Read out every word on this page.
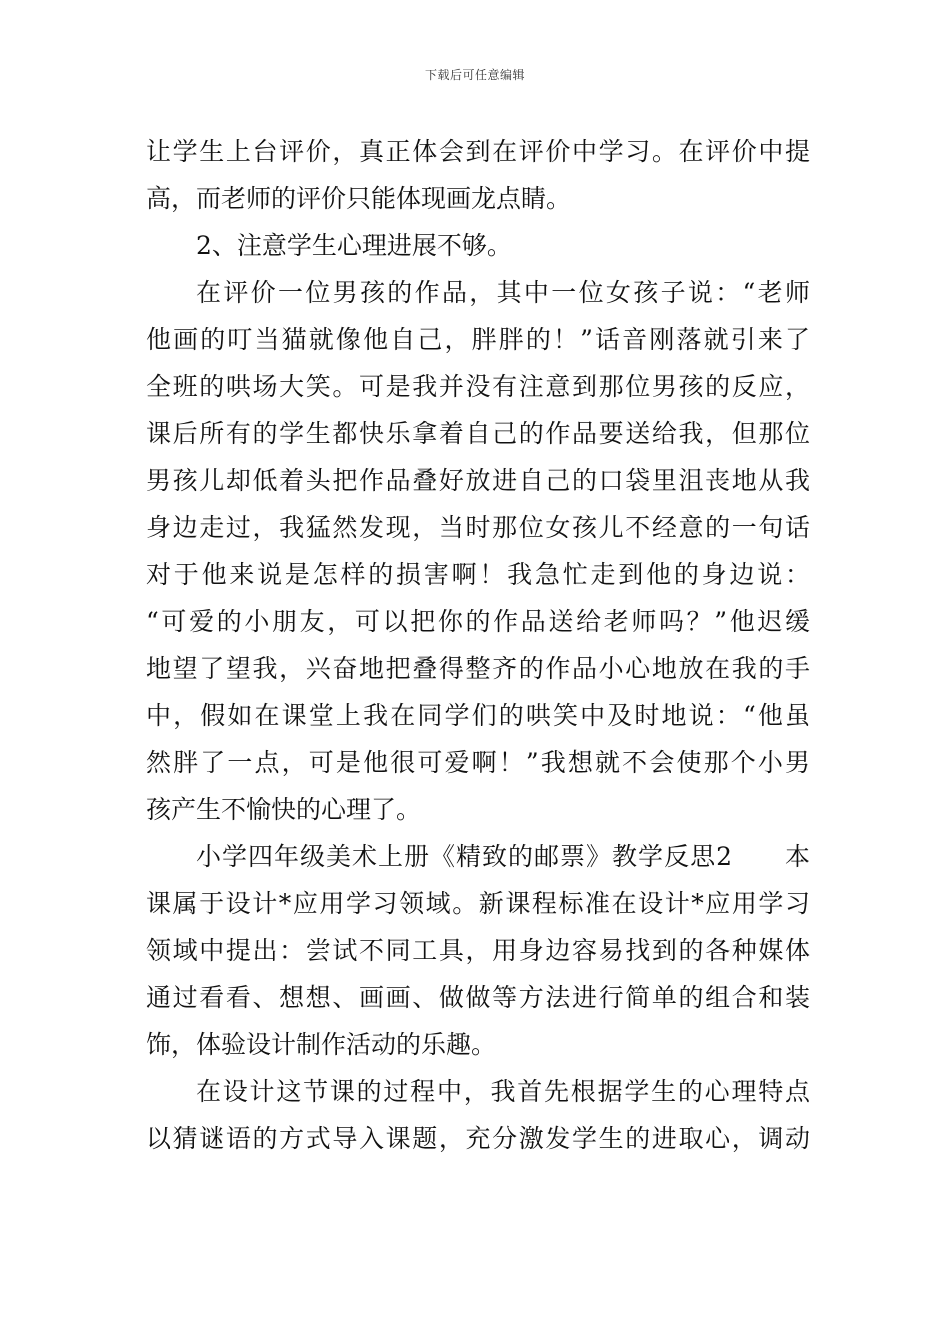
下载后可任意编辑
让学生上台评价，真正体会到在评价中学习。在评价中提
高，而老师的评价只能体现画龙点睛。
2、注意学生心理进展不够。
在评价一位男孩的作品，其中一位女孩子说：“老师
他画的叮当猫就像他自己，胖胖的！”话音刚落就引来了
全班的哄场大笑。可是我并没有注意到那位男孩的反应，
课后所有的学生都快乐拿着自己的作品要送给我，但那位
男孩儿却低着头把作品叠好放进自己的口袋里沮丧地从我
身边走过，我猛然发现，当时那位女孩儿不经意的一句话
对于他来说是怎样的损害啊！我急忙走到他的身边说：
“可爱的小朋友，可以把你的作品送给老师吗？”他迟缓
地望了望我，兴奋地把叠得整齐的作品小心地放在我的手
中，假如在课堂上我在同学们的哄笑中及时地说：“他虽
然胖了一点，可是他很可爱啊！”我想就不会使那个小男
孩产生不愉快的心理了。
小学四年级美术上册《精致的邮票》教学反思2　　本
课属于设计*应用学习领域。新课程标准在设计*应用学习
领域中提出：尝试不同工具，用身边容易找到的各种媒体
通过看看、想想、画画、做做等方法进行简单的组合和装
饰，体验设计制作活动的乐趣。
在设计这节课的过程中，我首先根据学生的心理特点
以猜谜语的方式导入课题，充分激发学生的进取心，调动
